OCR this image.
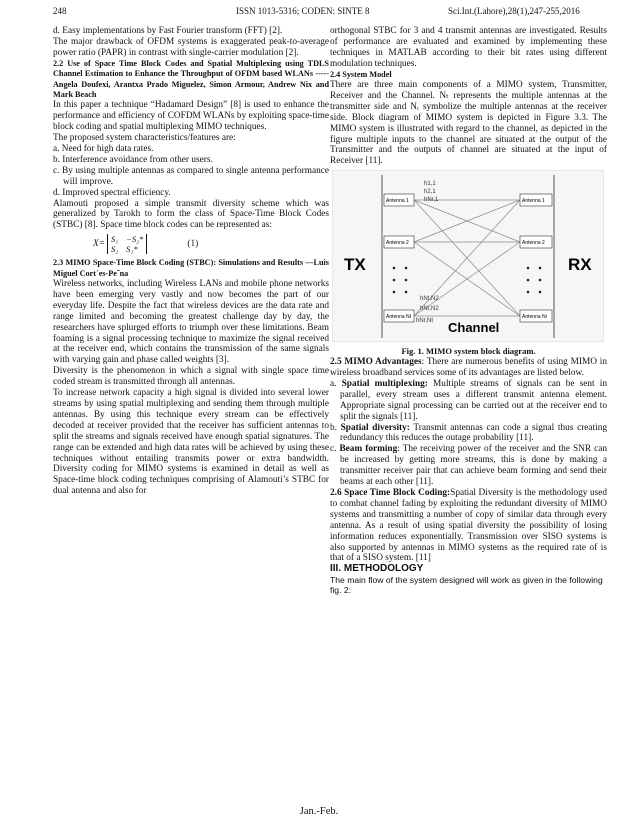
248	ISSN 1013-5316; CODEN: SINTE 8	Sci.Int.(Lahore),28(1),247-255,2016

d. Easy implementations by Fast Fourier transform (FFT) [2].

The major drawback of OFDM systems is exaggerated peak-to-average power ratio (PAPR) in contrast with single-carrier modulation [2].

2.2 Use of Space Time Block Codes and Spatial Multiplexing using TDLS Channel Estimation to Enhance the Throughput of OFDM based WLANs ----- Angela Doufexi, Arantxa Prado Miguelez, Simon Armour, Andrew Nix and Mark Beach

In this paper a technique “Hadamard Design” [8] is used to enhance the performance and efficiency of COFDM WLANs by exploiting space-time block coding and spatial multiplexing MIMO techniques.

The proposed system characteristics/features are:

a. Need for high data rates.

b. Interference avoidance from other users.

c. By using multiple antennas as compared to single antenna performance will improve.

d. Improved spectral efficiency.

Alamouti proposed a simple transmit diversity scheme which was generalized by Tarokh to form the class of Space-Time Block Codes (STBC) [8]. Space time block codes can be represented as:

X= S₁ −S₂*
S₂ S₁*
(1)

2.3 MIMO Space-Time Block Coding (STBC): Simulations and Results ---Luis Miguel Cort´es-Pe˜na

Wireless networks, including Wireless LANs and mobile phone networks have been emerging very vastly and now becomes the part of our everyday life. Despite the fact that wireless devices are the data rate and range limited and becoming the greatest challenge day by day, the researchers have splurged efforts to triumph over these limitations. Beam foaming is a signal processing technique to maximize the signal received at the receiver end, which contains the transmission of the same signals with varying gain and phase called weights [3].

Diversity is the phenomenon in which a signal with single space time coded stream is transmitted through all antennas.

To increase network capacity a high signal is divided into several lower streams by using spatial multiplexing and sending them through multiple antennas. By using this technique every stream can be effectively decoded at receiver provided that the receiver has sufficient antennas to split the streams and signals received have enough spatial signatures. The range can be extended and high data rates will be achieved by using these techniques without entailing transmits power or extra bandwidth. Diversity coding for MIMO systems is examined in detail as well as Space-time block coding techniques comprising of Alamouti’s STBC for dual antenna and also for

orthogonal STBC for 3 and 4 transmit antennas are investigated. Results of performance are evaluated and examined by implementing these techniques in MATLAB according to their bit rates using different modulation techniques.

2.4 System Model

There are three main components of a MIMO system, Transmitter, Receiver and the Channel. Nₜ represents the multiple antennas at the transmitter side and Nᵣ symbolize the multiple antennas at the receiver side. Block diagram of MIMO system is depicted in Figure 3.3. The MIMO system is illustrated with regard to the channel, as depicted in the figure multiple inputs to the channel are situated at the output of the Transmitter and the outputs of channel are situated at the input of Receiver [11].

TX	RX
Antenna 1
Antenna 2
Antenna Nt
Antenna 1
Antenna 2
Antenna Nr
h1,1
h2,1
hNr,1
hNt,N2
hNr,N2
hNr,Nt Channel

Fig. 1. MIMO system block diagram.

2.5 MIMO Advantages: There are numerous benefits of using MIMO in wireless broadband services some of its advantages are listed below.

a. Spatial multiplexing: Multiple streams of signals can be sent in parallel, every stream uses a different transmit antenna element. Appropriate signal processing can be carried out at the receiver end to split the signals [11].

b. Spatial diversity: Transmit antennas can code a signal thus creating redundancy this reduces the outage probability [11].

c. Beam forming: The receiving power of the receiver and the SNR can be increased by getting more streams, this is done by making a transmitter receiver pair that can achieve beam forming and send their beams at each other [11].

2.6 Space Time Block Coding:Spatial Diversity is the methodology used to combat channel fading by exploiting the redundant diversity of MIMO systems and transmitting a number of copy of similar data through every antenna. As a result of using spatial diversity the possibility of losing information reduces exponentially. Transmission over SISO systems is also supported by antennas in MIMO systems as the required rate of is that of a SISO system. [11]

III. METHODOLOGY

The main flow of the system designed will work as given in the following fig. 2:

Jan.-Feb.
